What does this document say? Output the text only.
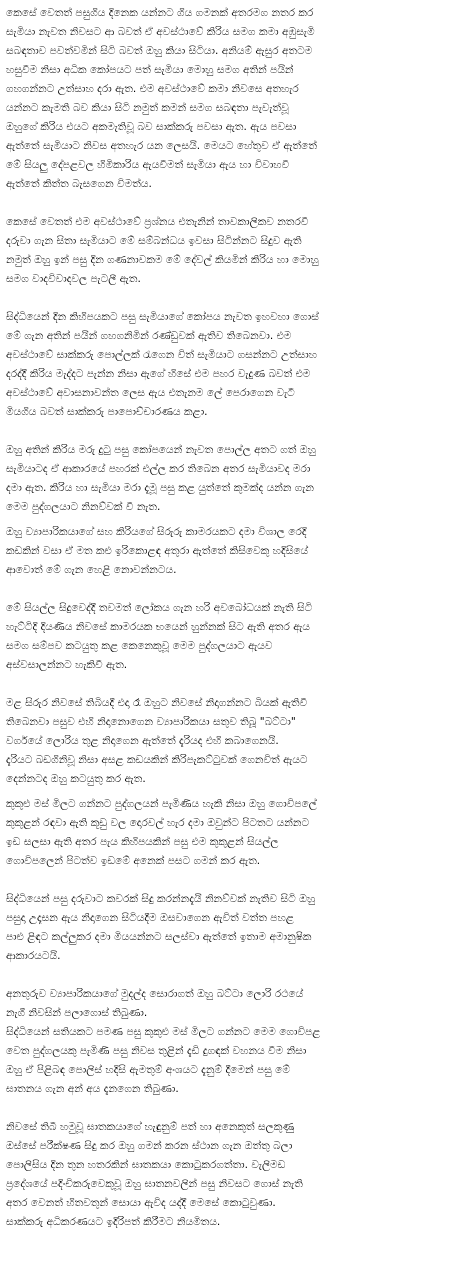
කෙසේ වෙතත් පසුගිය දිනෙක යන්නට ගිය ගමනක් අතරමග නතර කර
සැමියා නැවත නිවසට ආ බවත් ඒ අවස්ථාවේ කිරිය සමග කමා අඹුසැමි
සබඳතාව පවත්වමින් සිටි බවත් ඔහු කියා සිටියා. අනියම් ඇසුර අතටම
හසුවීම නිසා අධික කෝපයට පත් සැමියා මොහු සමග අතින් පයින්
ගහගන්නට උත්සාහ දරා ඇත. එම අවස්ථාවේ කමා නිවසෙ අතහැර
යන්නට කැමති බව කියා සිටි නමුත් කමන් සමග සබඳතා පැවැත්වූ
ඔහුගේ කිරිය එයට අකමැතිවූ බව සාක්කරු පවසා ඇත. ඇය පවසා
ඇත්තේ සැමියාට නිවස අතහැර යන ලෙසයි. මෙයට හේතුව ඒ ඇත්තේ
මේ සියලු දේපළවල හිමිකාරිය ඇයවීමත් සැමියා ඇය හා විවාහවී
ඇත්තේ කිත්ත බැසගෙන විමත්ය.

කෙසේ වෙතත් එම අවස්ථාවේ ප්‍රශ්නය එතැනින් තාවකාලිකව නතරවී
දරුවා ගැන සිතා සැමියාට මේ සම්බන්ධය ඉවසා සිටින්නට සිදුව ඇති
නමුත් ඔහු ඉන් පසු දින ගණනාවකම මේ දේවල් කියමින් කිරිය හා මොහු
සමග වාදවිවාදවල පැටලී ඇත.

සිද්ධියෙන් දින කිහිපයකට පසු සැමියාගේ කෝපය නැවත ඉහවහා ගොස්
මේ ගැන අතින් පයින් ගහගනිමින් රණ්ඩුවක් ඇතිව තිබෙනවා. එම
අවස්ථාවේ සාක්කරු පොල්ලක් රැගෙන විත් සැමියාට ගසන්නට උත්සාහ
දරද්දී කිරිය මැද්දට පැන්න නිසා ඇගේ හිසේ එම පහර වැදුණ බවත් එම
අවස්ථාවේ අවාසනාවන්ත ලෙස ඇය එතැනම ලේ පෙරාගෙන වැටී
මියගිය බවත් සාක්කරු පාපොච්චාරණය කළා.

ඔහු අතින් කිරිය මරු දුටු පසු කෝපයෙන් නැවත පොල්ල අතට ගත් ඔහු
සැමියාටද ඒ ආකාරයේ පහරක් එල්ල කර තිබෙන අතර සැමියාවද මරා
දමා ඇත. කිරිය හා සැමියා මරා දැමූ පසු කළ යුත්තේ කුමක්ද යන්න ගැන
මෙම පුද්ගලයාට නිනව්වක් වී නැත.

ඔහු ව්‍යාපාරිකයාගේ සහ කිරියගේ සිරුරු කාමරයකට දමා විශාල රෙදි
කඩකින් වසා ඒ මත කළු ඉරිකොළඳ අතුරා ඇත්තේ කිසිවෙකු හදිසියේ
ආවොත් මේ ගැන හෙළි නොවන්නටය.

මේ සියල්ල සිදුවෙද්දී තවමත් ලෝකය ගැන හරි අවබෝධයක් නැති සිටි
හැට්ටිදි දියණිය නිවසේ කාමරයක භයෙන් හුන්නක් සිට ඇති අතර ඇය
සමග සම්පව කටයුතු කළ කෙනෙකුවූ මෙම පුද්ගලයාට ඇයව
අස්වසාලන්නට හැකිවී ඇත.

මළ සිරුර නිවසේ තිබියදී එදා රෑ ඔහුට නිවසේ නිදාගන්නට බියක් ඇතිවී
තිබෙනවා පසුව එහි නිදානොගෙන ව්‍යාපාරිකයා සතුව තිබූ "බට්ටා"
වර්ගයේ ලොරිය තුළ නිදාගෙන ඇත්තේ දැරියද එහි කබාගෙනයි.
දැරියට බඩගිනිවූ නිසා අසළ කඩයකින් කිරිපැකට්ටුවක් ගෙනවිත් ඇයට
දෙන්නටද ඔහු කටයුතු කර ඇත.

කුකුළු මස් මිලට ගන්නට පුද්ගලයන් පැමිණිය හැකි නිසා ඔහු ගොවිපලේ
කුකුළන් රඳවා ඇති කූඩු වල දොරවල් හැර දමා ඔවුන්ට පිටතට යන්නට
ඉඩ සලසා ඇති අතර පැය කිහිපයකින් පසු එම කුකුළන් සියල්ල
ගොවිපලෙන් පිටත්ව ඉඩමේ අනෙක් පසට ගමන් කර ඇත.

සිද්ධියෙන් පසු දරුවාට කවරක් සිදු කරන්නදැයි නිනව්වක් නැතිව සිටි ඔහු
පසුදා උදෑසන ඇය නිදාගෙන සිටියදීම ඔසවාගෙන ඇවිත් වත්ත පහළ
පාළු ළිඳට කල්ලුකර දමා මියයන්නට සලස්වා ඇත්තේ ඉතාම අමානුෂික
ආකාරයටයි.

අනතුරුව ව්‍යාපාරිකයාගේ මුදල්ද සොරාගත් ඔහු බට්ටා ලොරි රථයේ
නැගී නිවසින් පලාගොස් තිබුණා.
සිද්ධියෙන් සතියකට පමණ පසු කුකුළු මස් මිලට ගන්නට මෙම ගොවිපළ
වෙත පුද්ගලයකු පැමිණි පසු නිවස තුළින් දැඩි දුගඳක් වහනය වීම නිසා
ඔහු ඒ පිළිබඳ පොලිස් හදිසි ඇමතුම් අංශයට දැනුම් දීමෙන් පසු මේ
ඝාතනය ගැන අන් අය දැනගෙන තිබුණා.

නිවසේ තිබී හමුවූ ඝාතකයාගේ හැඳුනුම් පත් හා අනෙකුත් සලකුණු
ඔස්සේ පරීක්ෂණ සිදු කර ඔහු ගමන් කරන ස්ථාන ගැන ඔත්තු බලා
පොලිසිය දින තුන හතරකින් ඝාතකයා කොටුකරගත්තා. වැලිමඩ
ප්‍රදේශයේ පදිංචිකරුවෙකුවූ ඔහු ඝාතනවලින් පසු නිවසට ගොස් නැති
අතර වෙනත් හිතවතුන් සොයා ඇවිද යද්දී මෙසේ කොටුවුණා.
සාක්කරු අධිකරණයට ඉදිරිපත් කිරීමට නියමිතය.
